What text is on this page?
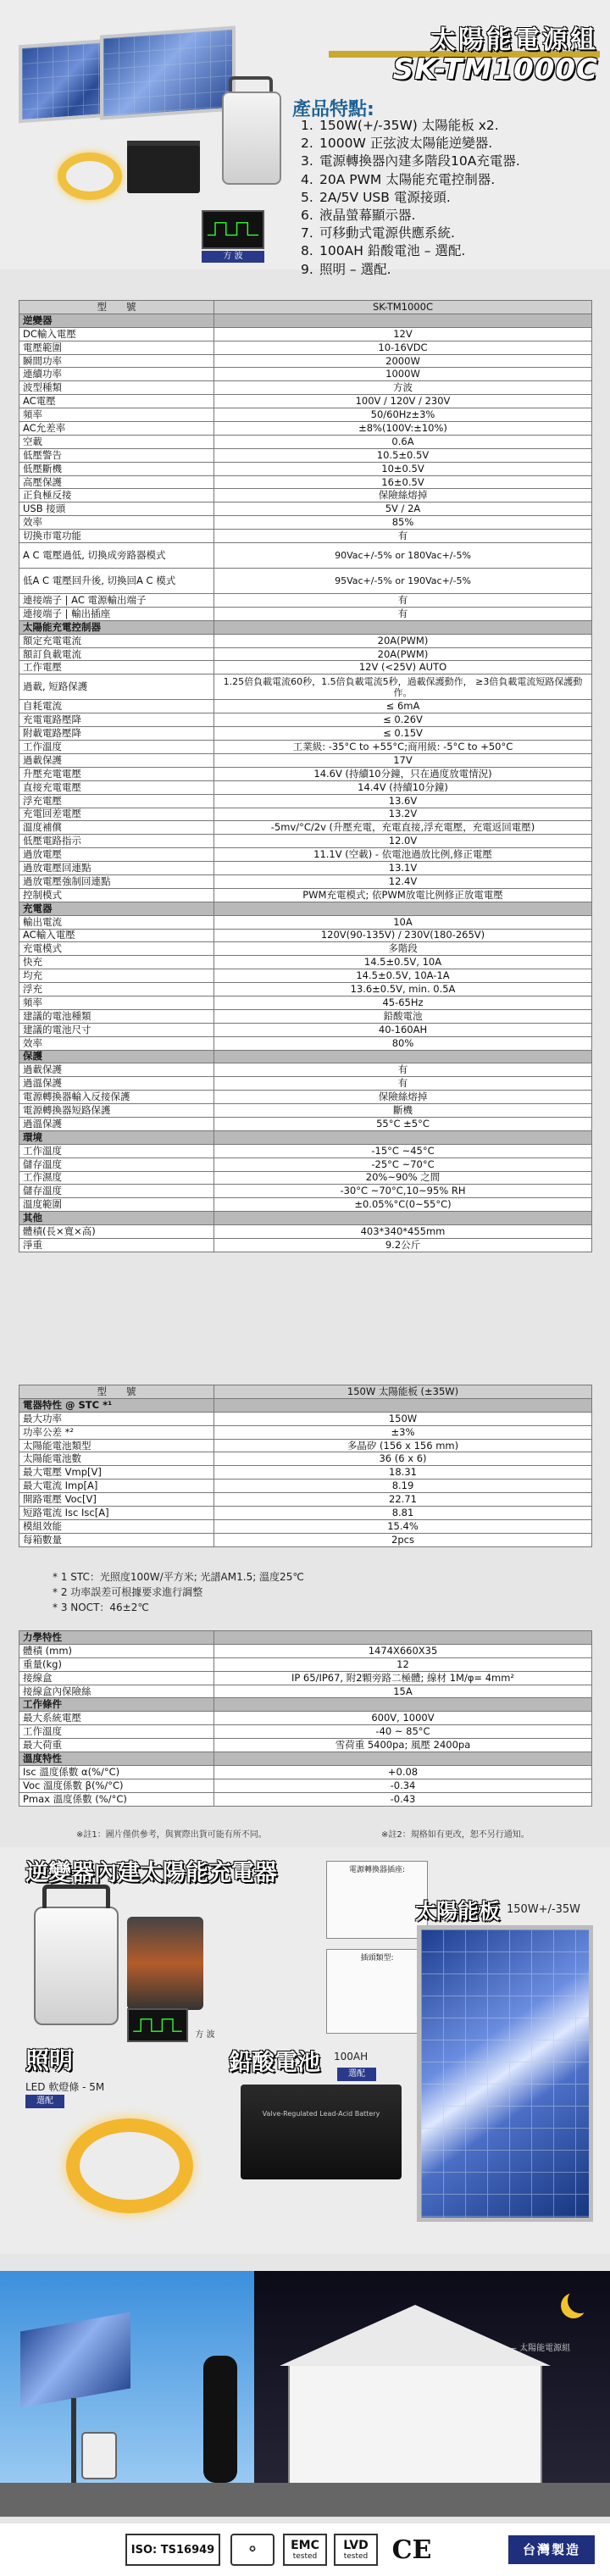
方 波
太陽能電源組
SK-TM1000C
產品特點:
1. 150W(+/-35W) 太陽能板 x2.
2. 1000W 正弦波太陽能逆變器.
3. 電源轉換器內建多階段10A充電器.
4. 20A PWM 太陽能充電控制器.
5. 2A/5V USB 電源接頭.
6. 液晶螢幕顯示器.
7. 可移動式電源供應系統.
8. 100AH 鉛酸電池 – 選配.
9. 照明 – 選配.
型　　號	SK-TM1000C
逆變器	
DC輸入電壓	12V
電壓範圍	10-16VDC
瞬間功率	2000W
連續功率	1000W
波型種類	方波
AC電壓	100V / 120V / 230V
頻率	50/60Hz±3%
AC允差率	±8%(100V:±10%)
空載	0.6A
低壓警告	10.5±0.5V
低壓斷機	10±0.5V
高壓保護	16±0.5V
正負極反接	保險絲熔掉
USB 接頭	5V / 2A
效率	85%
切換市電功能	有
A C 電壓過低, 切換成旁路器模式	90Vac+/-5% or 180Vac+/-5%
低A C 電壓回升後, 切換回A C 模式	95Vac+/-5% or 190Vac+/-5%
連接端子 | AC 電源輸出端子	有
連接端子 | 輸出插座	有
太陽能充電控制器	
額定充電電流	20A(PWM)
額訂負載電流	20A(PWM)
工作電壓	12V (<25V) AUTO
過載, 短路保護	1.25倍負載電流60秒，1.5倍負載電流5秒，過載保護動作， ≥3倍負載電流短路保護動作。
自耗電流	≤ 6mA
充電電路壓降	≤ 0.26V
附載電路壓降	≤ 0.15V
工作溫度	工業級: -35°C to +55°C;商用級: -5°C to +50°C
過載保護	17V
升壓充電電壓	14.6V (持續10分鐘，只在過度放電情況)
直接充電電壓	14.4V (持續10分鐘)
浮充電壓	13.6V
充電回差電壓	13.2V
溫度補償	-5mv/°C/2v (升壓充電，充電直接,浮充電壓，充電返回電壓)
低壓電路指示	12.0V
過放電壓	11.1V (空載) - 依電池過放比例,修正電壓
過放電壓回連點	13.1V
過放電壓強制回連點	12.4V
控制模式	PWM充電模式; 依PWM放電比例修正放電電壓
充電器	
輸出電流	10A
AC輸入電壓	120V(90-135V) / 230V(180-265V)
充電模式	多階段
快充	14.5±0.5V, 10A
均充	14.5±0.5V, 10A-1A
浮充	13.6±0.5V, min. 0.5A
頻率	45-65Hz
建議的電池種類	鉛酸電池
建議的電池尺寸	40-160AH
效率	80%
保護	
過載保護	有
過溫保護	有
電源轉換器輸入反接保護	保險絲熔掉
電源轉換器短路保護	斷機
過溫保護	55°C ±5°C
環境	
工作溫度	-15°C ~45°C
儲存溫度	-25°C ~70°C
工作濕度	20%~90% 之間
儲存溫度	-30°C ~70°C,10~95% RH
溫度範圍	±0.05%°C(0~55°C)
其他	
體積(長×寬×高)	403*340*455mm
淨重	9.2公斤
型　　號	150W 太陽能板 (±35W)
電器特性 @ STC *¹	
最大功率	150W
功率公差 *²	±3%
太陽能電池類型	多晶矽 (156 x 156 mm)
太陽能電池數	36 (6 x 6)
最大電壓 Vmp[V]	18.31
最大電流 Imp[A]	8.19
開路電壓 Voc[V]	22.71
短路電流 Isc Isc[A]	8.81
模組效能	15.4%
每箱數量	2pcs
* 1 STC：光照度100W/平方米; 光譜AM1.5; 溫度25℃
* 2 功率誤差可根據要求進行調整
* 3 NOCT：46±2℃
力學特性	
體積 (mm)	1474X660X35
重量(kg)	12
接線盒	IP 65/IP67, 附2顆旁路二極體; 線材 1M/φ= 4mm²
接線盒內保險絲	15A
工作條件	
最大系統電壓	600V, 1000V
工作溫度	-40 ~ 85°C
最大荷重	雪荷重 5400pa; 風壓 2400pa
溫度特性	
Isc 溫度係數 α(%/°C)	+0.08
Voc 溫度係數 β(%/°C)	-0.34
Pmax 溫度係數 (%/°C)	-0.43
※註1：圖片僅供參考，與實際出貨可能有所不同。	※註2：規格如有更改，恕不另行通知。
逆變器內建太陽能充電器
方 波
電源轉換器插座:
插頭類型:
太陽能板 150W+/-35W
照明
LED 軟燈條 - 5M
選配
鉛酸電池 100AH
選配
Valve-Regulated Lead-Acid Battery
— 太陽能電源組
ISO: TS16949	✪	EMC
tested
LVD
tested CE	台灣製造
